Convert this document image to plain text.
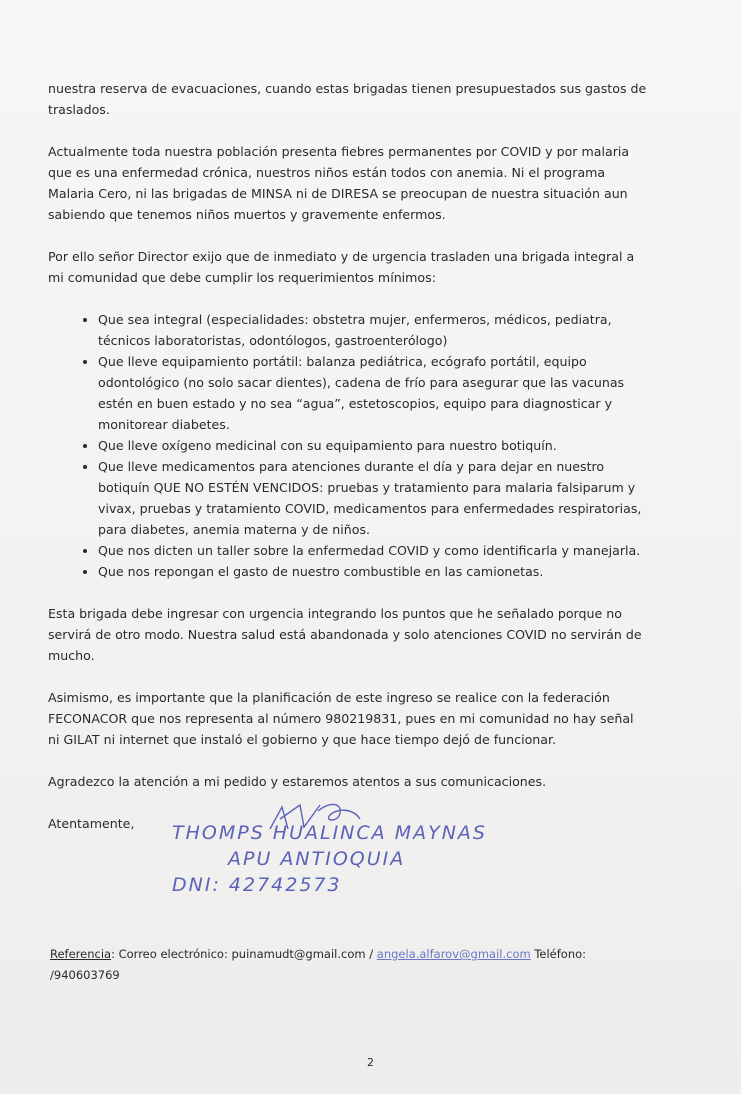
nuestra reserva de evacuaciones, cuando estas brigadas tienen presupuestados sus gastos de traslados.

Actualmente toda nuestra población presenta fiebres permanentes por COVID y por malaria que es una enfermedad crónica, nuestros niños están todos con anemia. Ni el programa Malaria Cero, ni las brigadas de MINSA ni de DIRESA se preocupan de nuestra situación aun sabiendo que tenemos niños muertos y gravemente enfermos.

Por ello señor Director exijo que de inmediato y de urgencia trasladen una brigada integral a mi comunidad que debe cumplir los requerimientos mínimos:

• Que sea integral (especialidades: obstetra mujer, enfermeros, médicos, pediatra, técnicos laboratoristas, odontólogos, gastroenterólogo)
• Que lleve equipamiento portátil: balanza pediátrica, ecógrafo portátil, equipo odontológico (no solo sacar dientes), cadena de frío para asegurar que las vacunas estén en buen estado y no sea “agua”, estetoscopios, equipo para diagnosticar y monitorear diabetes.
• Que lleve oxígeno medicinal con su equipamiento para nuestro botiquín.
• Que lleve medicamentos para atenciones durante el día y para dejar en nuestro botiquín QUE NO ESTÉN VENCIDOS: pruebas y tratamiento para malaria falsiparum y vivax, pruebas y tratamiento COVID, medicamentos para enfermedades respiratorias, para diabetes, anemia materna y de niños.
• Que nos dicten un taller sobre la enfermedad COVID y como identificarla y manejarla.
• Que nos repongan el gasto de nuestro combustible en las camionetas.

Esta brigada debe ingresar con urgencia integrando los puntos que he señalado porque no servirá de otro modo. Nuestra salud está abandonada y solo atenciones COVID no servirán de mucho.

Asimismo, es importante que la planificación de este ingreso se realice con la federación FECONACOR que nos representa al número 980219831, pues en mi comunidad no hay señal ni GILAT ni internet que instaló el gobierno y que hace tiempo dejó de funcionar.

Agradezco la atención a mi pedido y estaremos atentos a sus comunicaciones.

Atentamente, THOMPS HUALINCA MAYNAS
APU ANTIOQUIA
DNI: 42742573
Referencia: Correo electrónico: puinamudt@gmail.com / angela.alfarov@gmail.com Teléfono:
/940603769
2
